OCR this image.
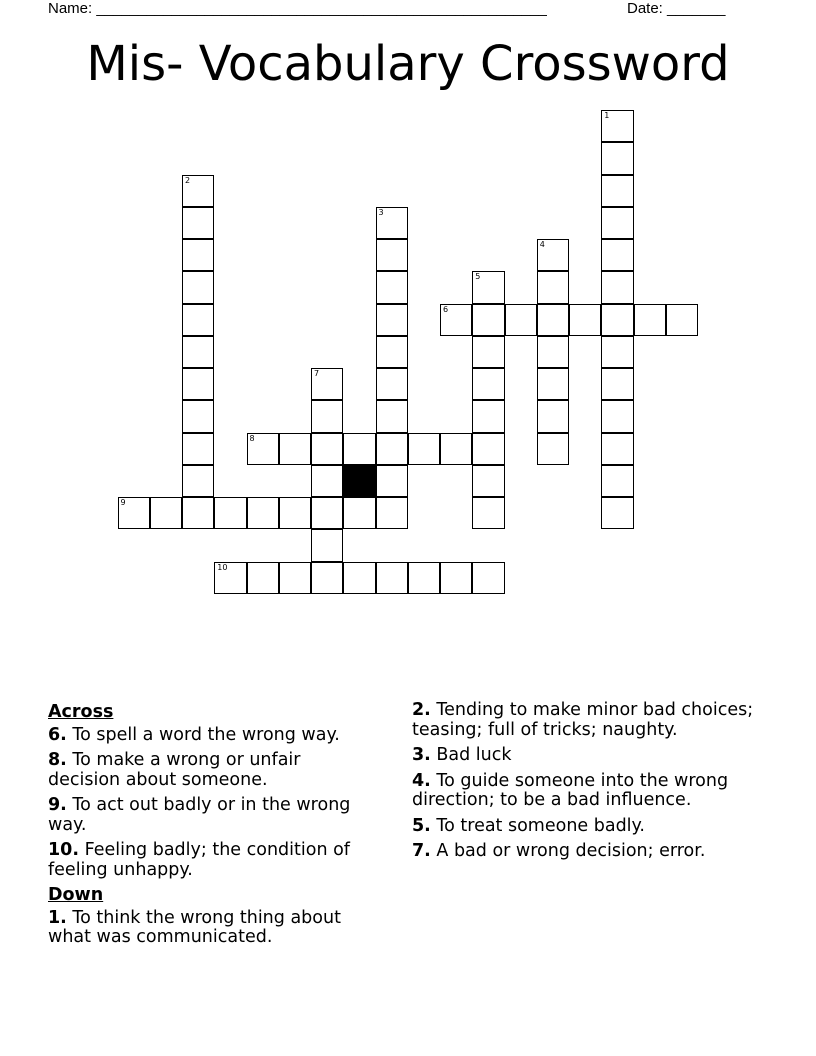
Name: ______________________________________________________	Date: _______
Mis- Vocabulary Crossword
1
2
3
4
5
6
7
8
9
10
Across
6. To spell a word the wrong way.
8. To make a wrong or unfair decision about someone.
9. To act out badly or in the wrong way.
10. Feeling badly; the condition of feeling unhappy.
Down
1. To think the wrong thing about what was communicated.
2. Tending to make minor bad choices; teasing; full of tricks; naughty.
3. Bad luck
4. To guide someone into the wrong direction; to be a bad influence.
5. To treat someone badly.
7. A bad or wrong decision; error.
